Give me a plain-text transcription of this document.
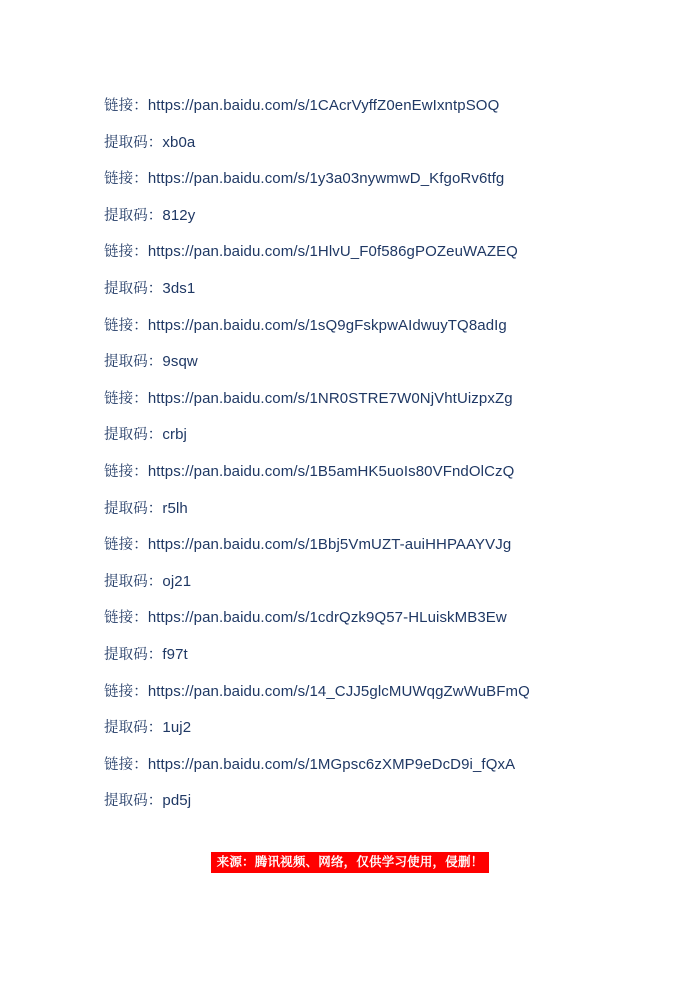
链接：https://pan.baidu.com/s/1CAcrVyffZ0enEwIxntpSOQ
提取码：xb0a
链接：https://pan.baidu.com/s/1y3a03nywmwD_KfgoRv6tfg
提取码：812y
链接：https://pan.baidu.com/s/1HlvU_F0f586gPOZeuWAZEQ
提取码：3ds1
链接：https://pan.baidu.com/s/1sQ9gFskpwAIdwuyTQ8adIg
提取码：9sqw
链接：https://pan.baidu.com/s/1NR0STRE7W0NjVhtUizpxZg
提取码：crbj
链接：https://pan.baidu.com/s/1B5amHK5uoIs80VFndOlCzQ
提取码：r5lh
链接：https://pan.baidu.com/s/1Bbj5VmUZT-auiHHPAAYVJg
提取码：oj21
链接：https://pan.baidu.com/s/1cdrQzk9Q57-HLuiskMB3Ew
提取码：f97t
链接：https://pan.baidu.com/s/14_CJJ5glcMUWqgZwWuBFmQ
提取码：1uj2
链接：https://pan.baidu.com/s/1MGpsc6zXMP9eDcD9i_fQxA
提取码：pd5j
来源：腾讯视频、网络，仅供学习使用，侵删！
